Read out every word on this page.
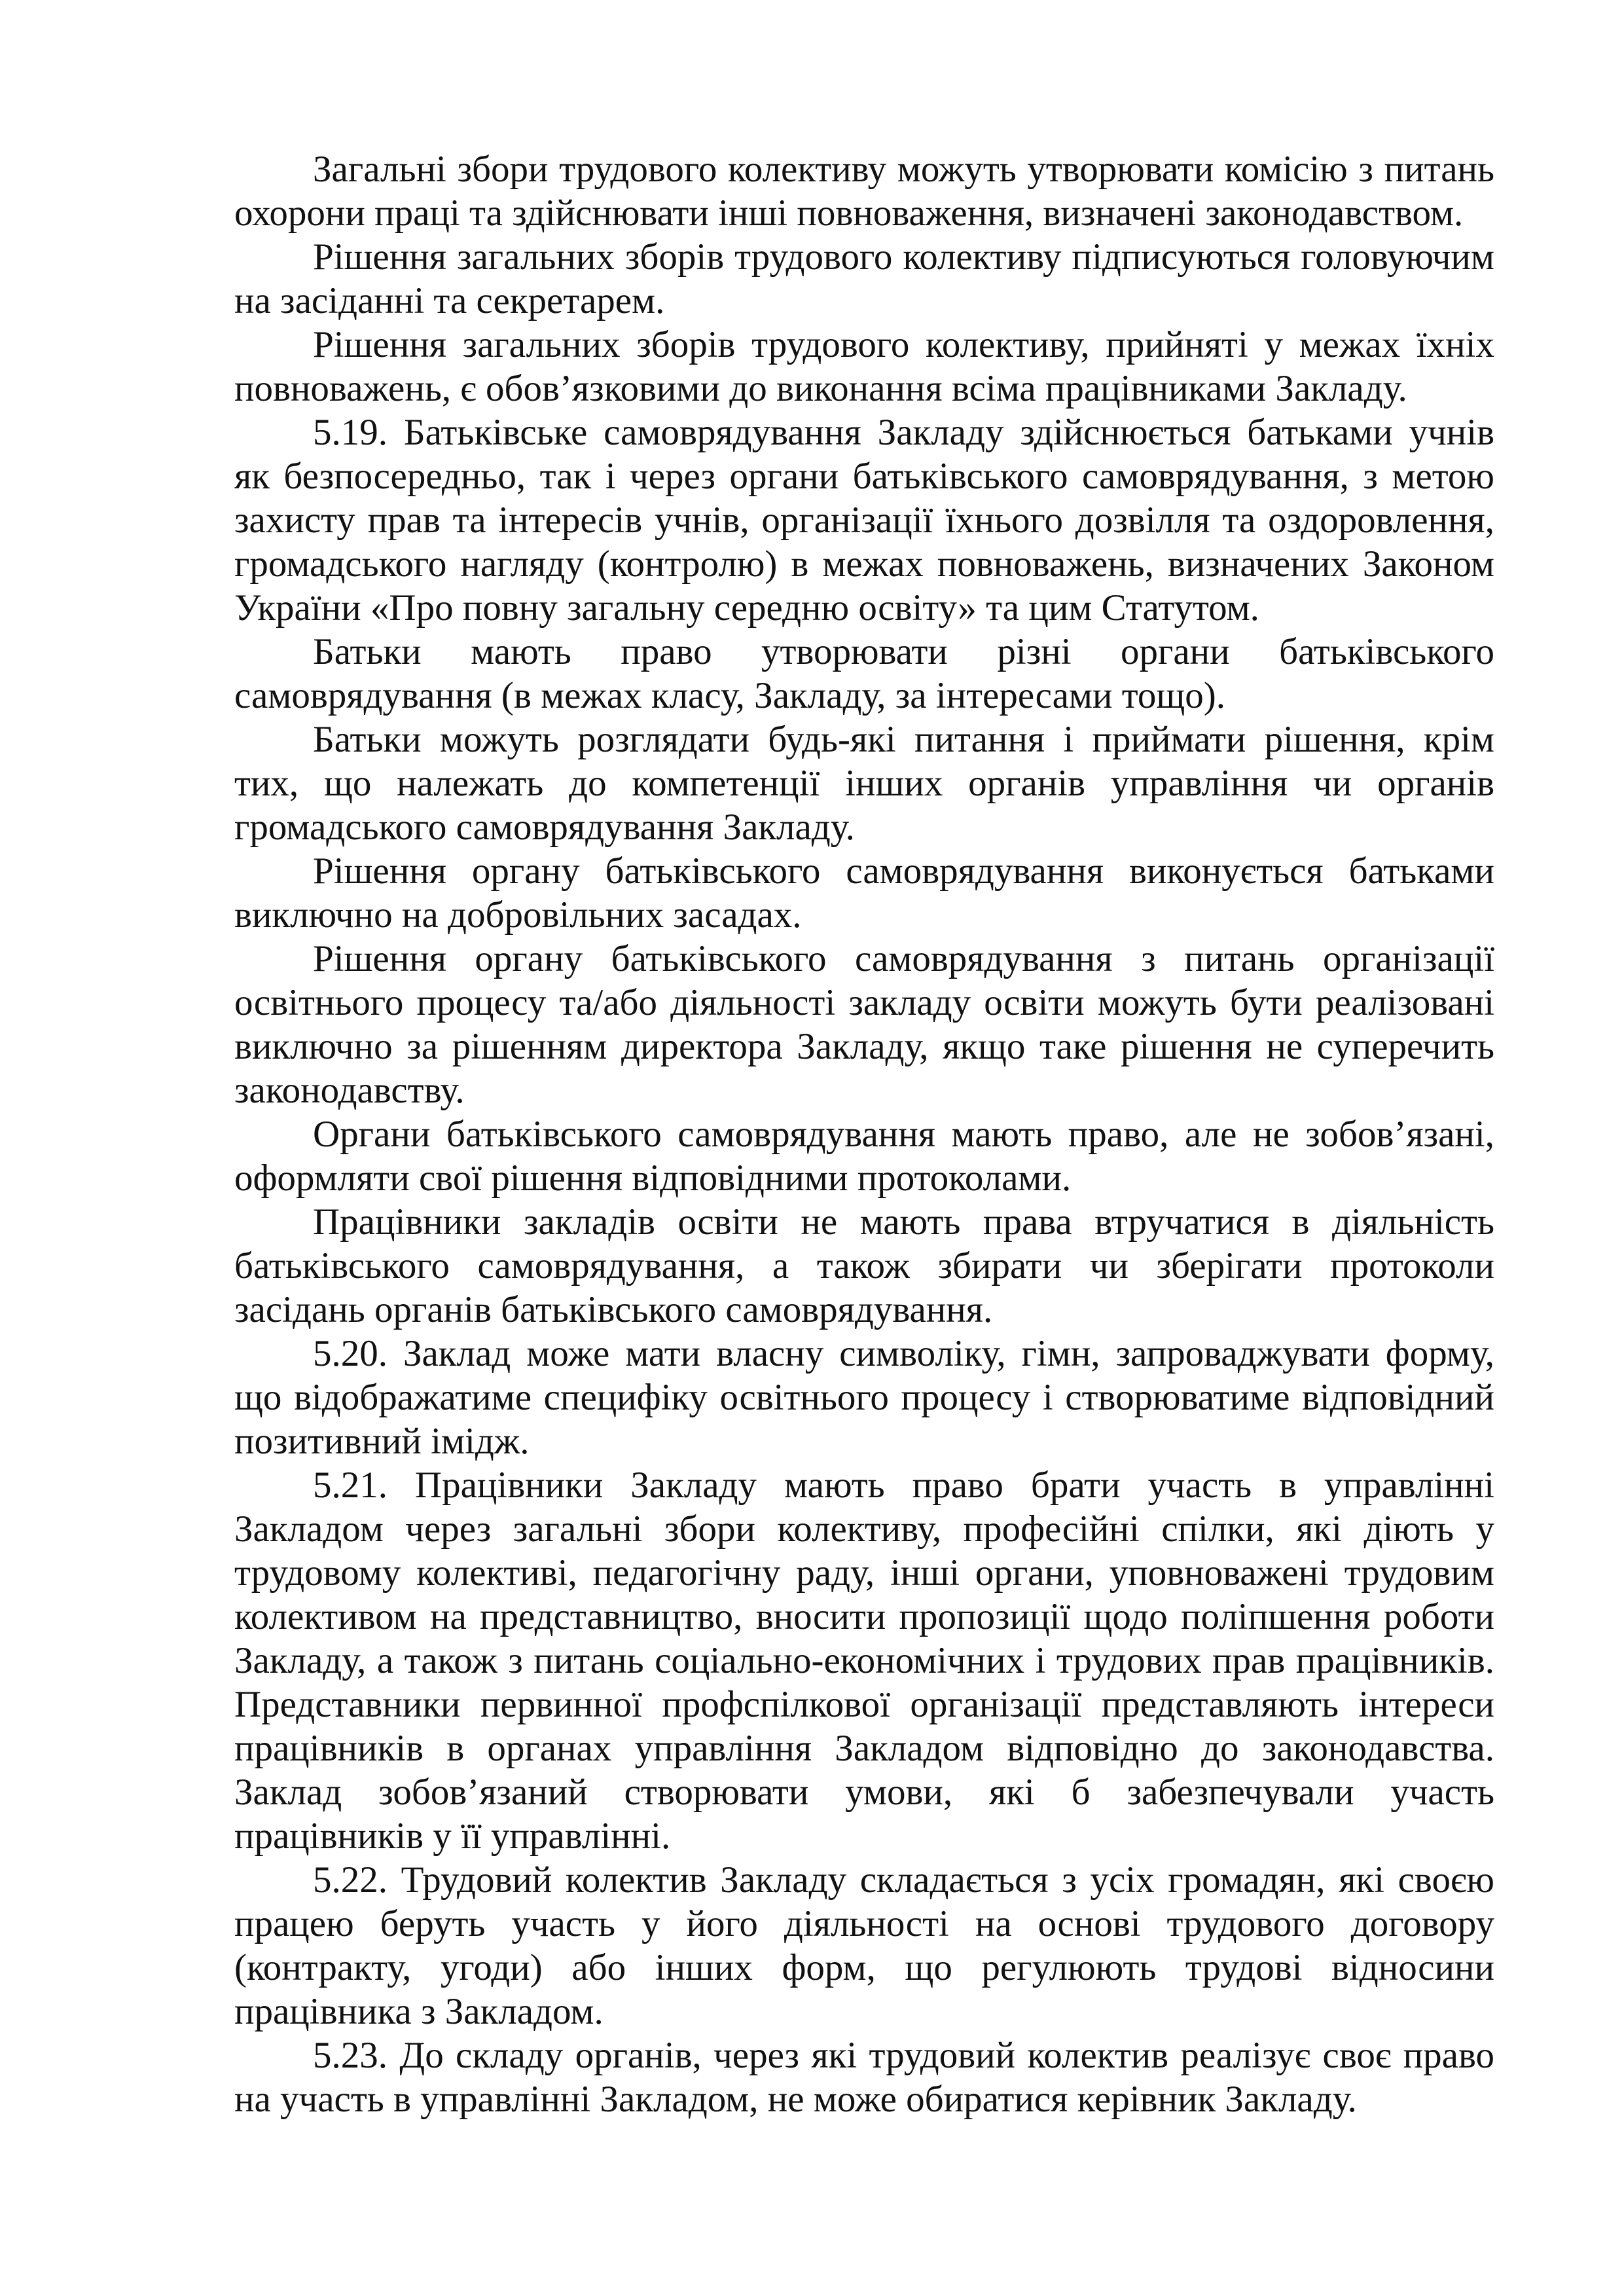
Загальні збори трудового колективу можуть утворювати комісію з питань охорони праці та здійснювати інші повноваження, визначені законодавством.

Рішення загальних зборів трудового колективу підписуються головуючим на засіданні та секретарем.

Рішення загальних зборів трудового колективу, прийняті у межах їхніх повноважень, є обов’язковими до виконання всіма працівниками Закладу.

5.19. Батьківське самоврядування Закладу здійснюється батьками учнів як безпосередньо, так і через органи батьківського самоврядування, з метою захисту прав та інтересів учнів, організації їхнього дозвілля та оздоровлення, громадського нагляду (контролю) в межах повноважень, визначених Законом України «Про повну загальну середню освіту» та цим Статутом.

Батьки мають право утворювати різні органи батьківського самоврядування (в межах класу, Закладу, за інтересами тощо).

Батьки можуть розглядати будь-які питання і приймати рішення, крім тих, що належать до компетенції інших органів управління чи органів громадського самоврядування Закладу.

Рішення органу батьківського самоврядування виконується батьками виключно на добровільних засадах.

Рішення органу батьківського самоврядування з питань організації освітнього процесу та/або діяльності закладу освіти можуть бути реалізовані виключно за рішенням директора Закладу, якщо таке рішення не суперечить законодавству.

Органи батьківського самоврядування мають право, але не зобов’язані, оформляти свої рішення відповідними протоколами.

Працівники закладів освіти не мають права втручатися в діяльність батьківського самоврядування, а також збирати чи зберігати протоколи засідань органів батьківського самоврядування.

5.20. Заклад може мати власну символіку, гімн, запроваджувати форму, що відображатиме специфіку освітнього процесу і створюватиме відповідний позитивний імідж.

5.21. Працівники Закладу мають право брати участь в управлінні Закладом через загальні збори колективу, професійні спілки, які діють у трудовому колективі, педагогічну раду, інші органи, уповноважені трудовим колективом на представництво, вносити пропозиції щодо поліпшення роботи Закладу, а також з питань соціально-економічних і трудових прав працівників. Представники первинної профспілкової організації представляють інтереси працівників в органах управління Закладом відповідно до законодавства. Заклад зобов’язаний створювати умови, які б забезпечували участь працівників у її управлінні.

5.22. Трудовий колектив Закладу складається з усіх громадян, які своєю працею беруть участь у його діяльності на основі трудового договору (контракту, угоди) або інших форм, що регулюють трудові відносини працівника з Закладом.

5.23. До складу органів, через які трудовий колектив реалізує своє право на участь в управлінні Закладом, не може обиратися керівник Закладу.
